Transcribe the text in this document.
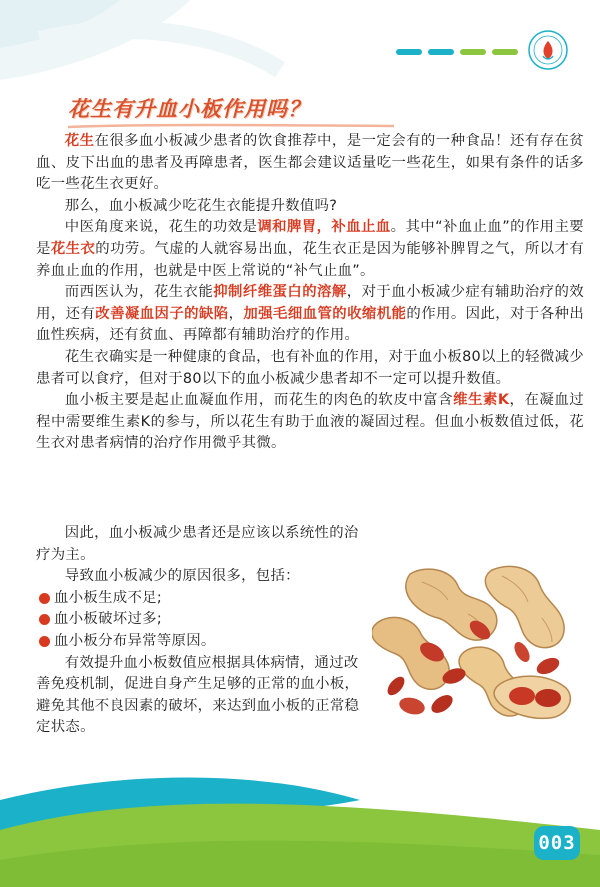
花生有升血小板作用吗？

花生在很多血小板减少患者的饮食推荐中，是一定会有的一种食品！还有存在贫血、皮下出血的患者及再障患者，医生都会建议适量吃一些花生，如果有条件的话多吃一些花生衣更好。

那么，血小板减少吃花生衣能提升数值吗?

中医角度来说，花生的功效是调和脾胃，补血止血。其中“补血止血”的作用主要是花生衣的功劳。气虚的人就容易出血，花生衣正是因为能够补脾胃之气，所以才有养血止血的作用，也就是中医上常说的“补气止血”。

而西医认为，花生衣能抑制纤维蛋白的溶解，对于血小板减少症有辅助治疗的效用，还有改善凝血因子的缺陷，加强毛细血管的收缩机能的作用。因此，对于各种出血性疾病，还有贫血、再障都有辅助治疗的作用。

花生衣确实是一种健康的食品，也有补血的作用，对于血小板80以上的轻微减少患者可以食疗，但对于80以下的血小板减少患者却不一定可以提升数值。

血小板主要是起止血凝血作用，而花生的肉色的软皮中富含维生素K，在凝血过程中需要维生素K的参与，所以花生有助于血液的凝固过程。但血小板数值过低，花生衣对患者病情的治疗作用微乎其微。

因此，血小板减少患者还是应该以系统性的治疗为主。

导致血小板减少的原因很多，包括：

血小板生成不足;
血小板破坏过多;
血小板分布异常等原因。

有效提升血小板数值应根据具体病情，通过改善免疫机制，促进自身产生足够的正常的血小板，避免其他不良因素的破坏，来达到血小板的正常稳定状态。

003
